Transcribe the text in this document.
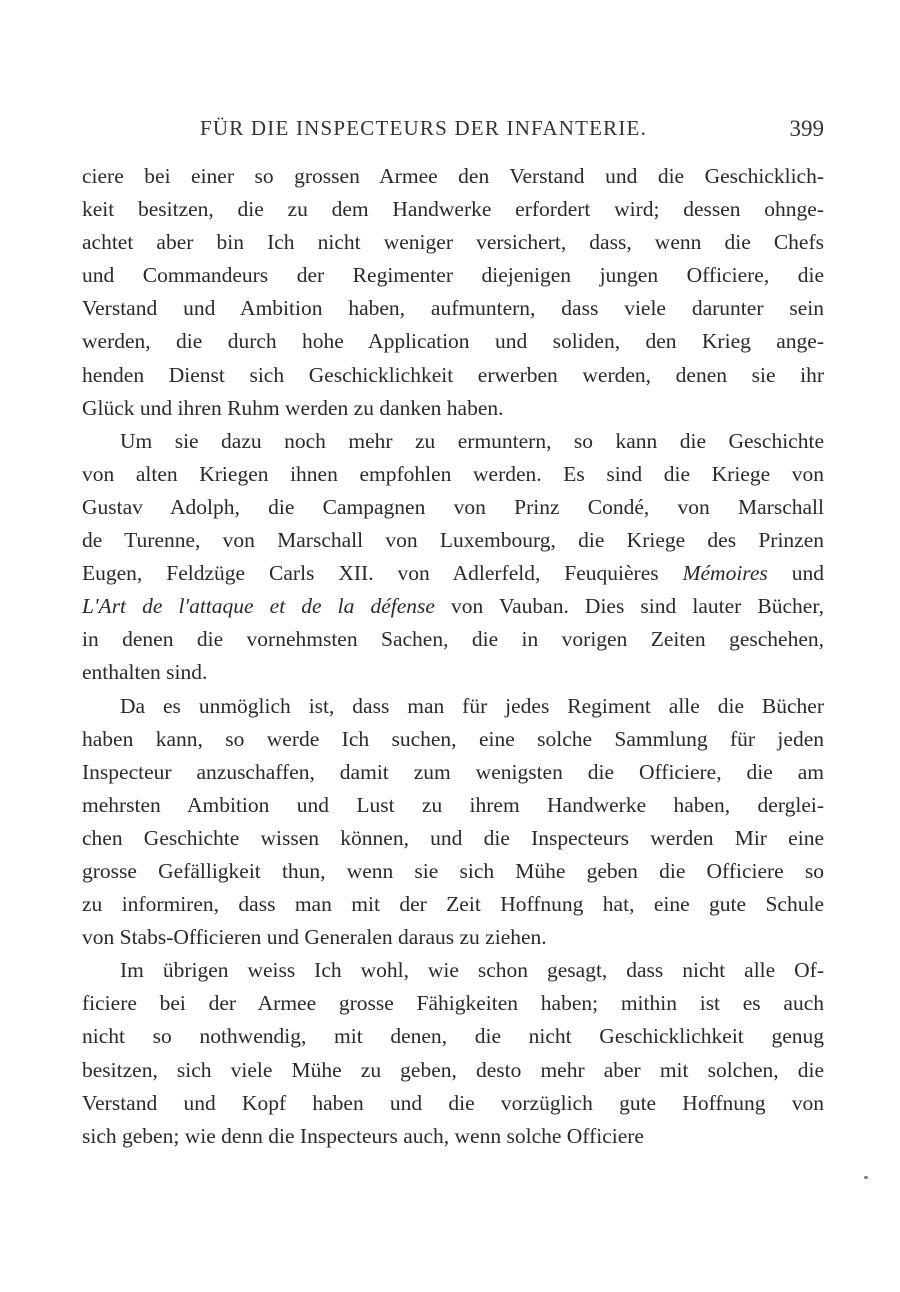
FÜR DIE INSPECTEURS DER INFANTERIE.	399
ciere bei einer so grossen Armee den Verstand und die Geschicklich-
keit besitzen, die zu dem Handwerke erfordert wird; dessen ohnge-
achtet aber bin Ich nicht weniger versichert, dass, wenn die Chefs
und Commandeurs der Regimenter diejenigen jungen Officiere, die
Verstand und Ambition haben, aufmuntern, dass viele darunter sein
werden, die durch hohe Application und soliden, den Krieg ange-
henden Dienst sich Geschicklichkeit erwerben werden, denen sie ihr
Glück und ihren Ruhm werden zu danken haben.
Um sie dazu noch mehr zu ermuntern, so kann die Geschichte
von alten Kriegen ihnen empfohlen werden. Es sind die Kriege von
Gustav Adolph, die Campagnen von Prinz Condé, von Marschall
de Turenne, von Marschall von Luxembourg, die Kriege des Prinzen
Eugen, Feldzüge Carls XII. von Adlerfeld, Feuquières Mémoires und
L'Art de l'attaque et de la défense von Vauban. Dies sind lauter Bücher,
in denen die vornehmsten Sachen, die in vorigen Zeiten geschehen,
enthalten sind.
Da es unmöglich ist, dass man für jedes Regiment alle die Bücher
haben kann, so werde Ich suchen, eine solche Sammlung für jeden
Inspecteur anzuschaffen, damit zum wenigsten die Officiere, die am
mehrsten Ambition und Lust zu ihrem Handwerke haben, derglei-
chen Geschichte wissen können, und die Inspecteurs werden Mir eine
grosse Gefälligkeit thun, wenn sie sich Mühe geben die Officiere so
zu informiren, dass man mit der Zeit Hoffnung hat, eine gute Schule
von Stabs-Officieren und Generalen daraus zu ziehen.
Im übrigen weiss Ich wohl, wie schon gesagt, dass nicht alle Of-
ficiere bei der Armee grosse Fähigkeiten haben; mithin ist es auch
nicht so nothwendig, mit denen, die nicht Geschicklichkeit genug
besitzen, sich viele Mühe zu geben, desto mehr aber mit solchen, die
Verstand und Kopf haben und die vorzüglich gute Hoffnung von
sich geben; wie denn die Inspecteurs auch, wenn solche Officiere
